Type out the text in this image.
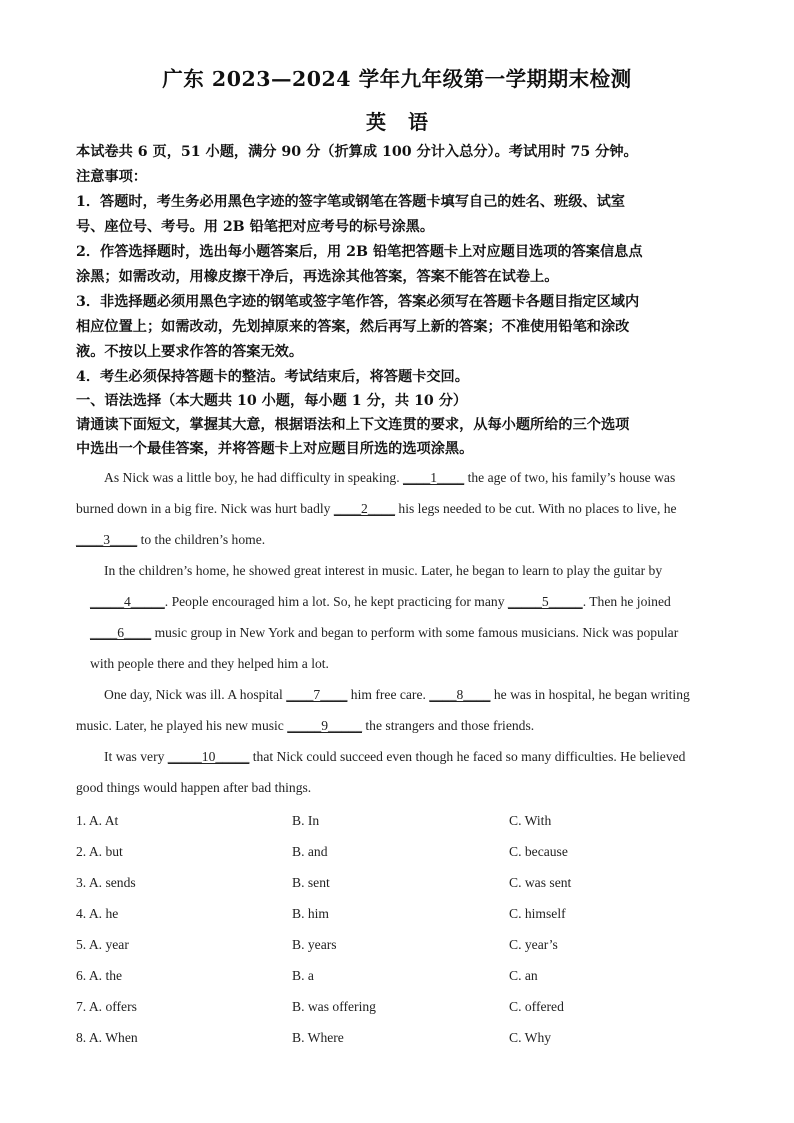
广东 2023—2024 学年九年级第一学期期末检测
英语
本试卷共 6 页，51 小题，满分 90 分（折算成 100 分计入总分）。考试用时 75 分钟。
注意事项：
1．答题时，考生务必用黑色字迹的签字笔或钢笔在答题卡填写自己的姓名、班级、试室
号、座位号、考号。用 2B 铅笔把对应考号的标号涂黑。
2．作答选择题时，选出每小题答案后，用 2B 铅笔把答题卡上对应题目选项的答案信息点
涂黑；如需改动，用橡皮擦干净后，再选涂其他答案，答案不能答在试卷上。
3．非选择题必须用黑色字迹的钢笔或签字笔作答，答案必须写在答题卡各题目指定区域内
相应位置上；如需改动，先划掉原来的答案，然后再写上新的答案；不准使用铅笔和涂改
液。不按以上要求作答的答案无效。
4．考生必须保持答题卡的整洁。考试结束后，将答题卡交回。
一、语法选择（本大题共 10 小题，每小题 1 分，共 10 分）
请通读下面短文，掌握其大意，根据语法和上下文连贯的要求，从每小题所给的三个选项
中选出一个最佳答案，并将答题卡上对应题目所选的选项涂黑。
As Nick was a little boy, he had difficulty in speaking. ____1____ the age of two, his family’s house was
burned down in a big fire. Nick was hurt badly ____2____ his legs needed to be cut. With no places to live, he
____3____ to the children’s home.
In the children’s home, he showed great interest in music. Later, he began to learn to play the guitar by
_____4_____. People encouraged him a lot. So, he kept practicing for many _____5_____. Then he joined
____6____ music group in New York and began to perform with some famous musicians. Nick was popular
with people there and they helped him a lot.
One day, Nick was ill. A hospital ____7____ him free care. ____8____ he was in hospital, he began writing
music. Later, he played his new music _____9_____ the strangers and those friends.
It was very _____10_____ that Nick could succeed even though he faced so many difficulties. He believed
good things would happen after bad things.
1. A. At	B. In	C. With
2. A. but	B. and	C. because
3. A. sends	B. sent	C. was sent
4. A. he	B. him	C. himself
5. A. year	B. years	C. year’s
6. A. the	B. a	C. an
7. A. offers	B. was offering	C. offered
8. A. When	B. Where	C. Why
